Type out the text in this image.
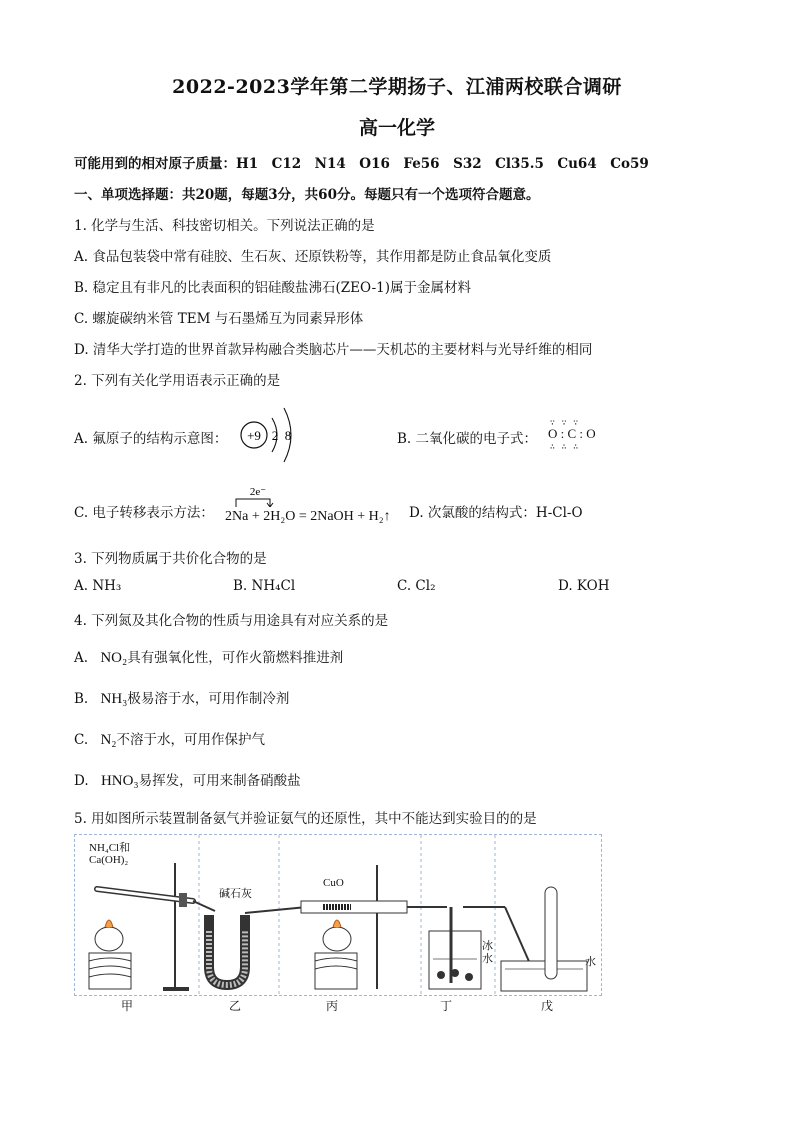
2022-2023学年第二学期扬子、江浦两校联合调研
高一化学
可能用到的相对原子质量：H1　C12　N14　O16　Fe56　S32　Cl35.5　Cu64　Co59
一、单项选择题：共20题，每题3分，共60分。每题只有一个选项符合题意。
1. 化学与生活、科技密切相关。下列说法正确的是
A. 食品包装袋中常有硅胶、生石灰、还原铁粉等，其作用都是防止食品氧化变质
B. 稳定且有非凡的比表面积的铝硅酸盐沸石(ZEO-1)属于金属材料
C. 螺旋碳纳米管 TEM 与石墨烯互为同素异形体
D. 清华大学打造的世界首款异构融合类脑芯片——天机芯的主要材料与光导纤维的相同
2. 下列有关化学用语表示正确的是
A. 氟原子的结构示意图： +9 2 8	B. 二氧化碳的电子式：
∵ ∵ ∵
O : C : O
∴ ∴ ∴
C. 电子转移表示方法：
2e⁻
2Na + 2H₂O = 2NaOH + H₂↑ D. 次氯酸的结构式：H-Cl-O
3. 下列物质属于共价化合物的是
A. NH₃	B. NH₄Cl	C. Cl₂	D. KOH
4. 下列氮及其化合物的性质与用途具有对应关系的是
A. NO₂具有强氧化性，可作火箭燃料推进剂
B. NH₃极易溶于水，可用作制冷剂
C. N₂不溶于水，可用作保护气
D. HNO₃易挥发，可用来制备硝酸盐
5. 用如图所示装置制备氨气并验证氨气的还原性，其中不能达到实验目的的是
NH₄Cl和
Ca(OH)₂
碱石灰
CuO
冰水	水
甲	乙	丙	丁	戊
